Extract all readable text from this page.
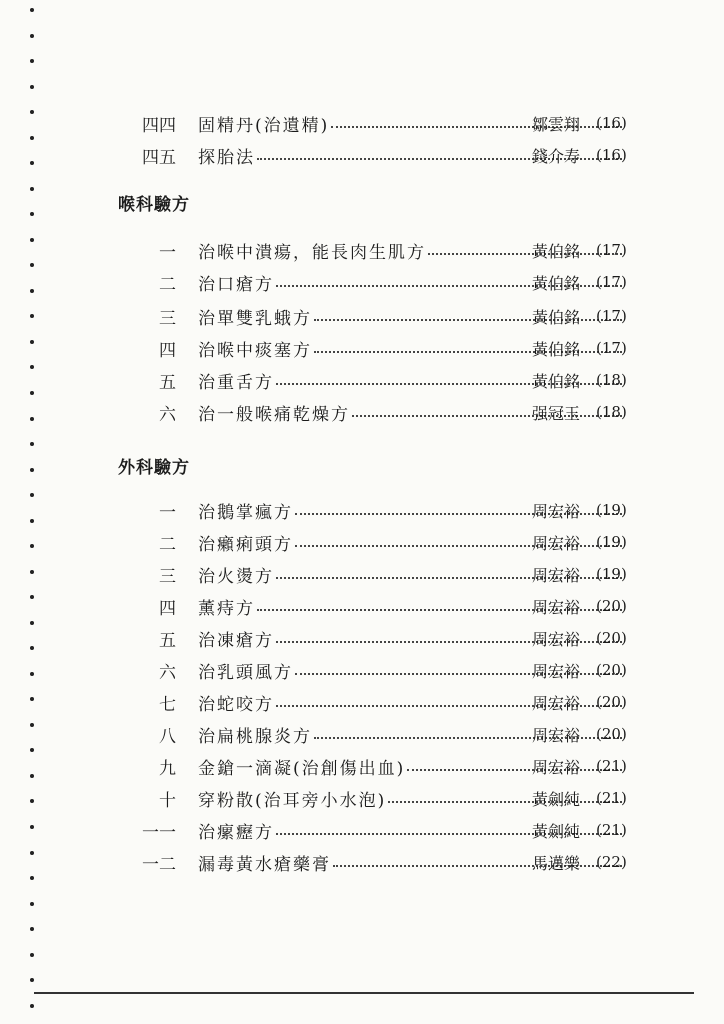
四四 固精丹(治遺精)	鄒雲翔	(16)
四五 探胎法	錢介寿	(16)
喉科驗方
一 治喉中潰瘍，能長肉生肌方	黃伯銘	(17)
二 治口瘡方	黃伯銘	(17)
三 治單雙乳蛾方	黃伯銘	(17)
四 治喉中痰塞方	黃伯銘	(17)
五 治重舌方	黃伯銘	(18)
六 治一般喉痛乾燥方	强冠玉	(18)
外科驗方
一 治鵝掌瘋方	周宏裕	(19)
二 治癩痢頭方	周宏裕	(19)
三 治火燙方	周宏裕	(19)
四 薰痔方	周宏裕	(20)
五 治凍瘡方	周宏裕	(20)
六 治乳頭風方	周宏裕	(20)
七 治蛇咬方	周宏裕	(20)
八 治扁桃腺炎方	周宏裕	(20)
九 金鎗一滴凝(治創傷出血)	周宏裕	(21)
十 穿粉散(治耳旁小水泡)	黃劍純	(21)
一一 治瘰癧方	黃劍純	(21)
一二 漏毒黃水瘡藥膏	馬邁樂	(22)
